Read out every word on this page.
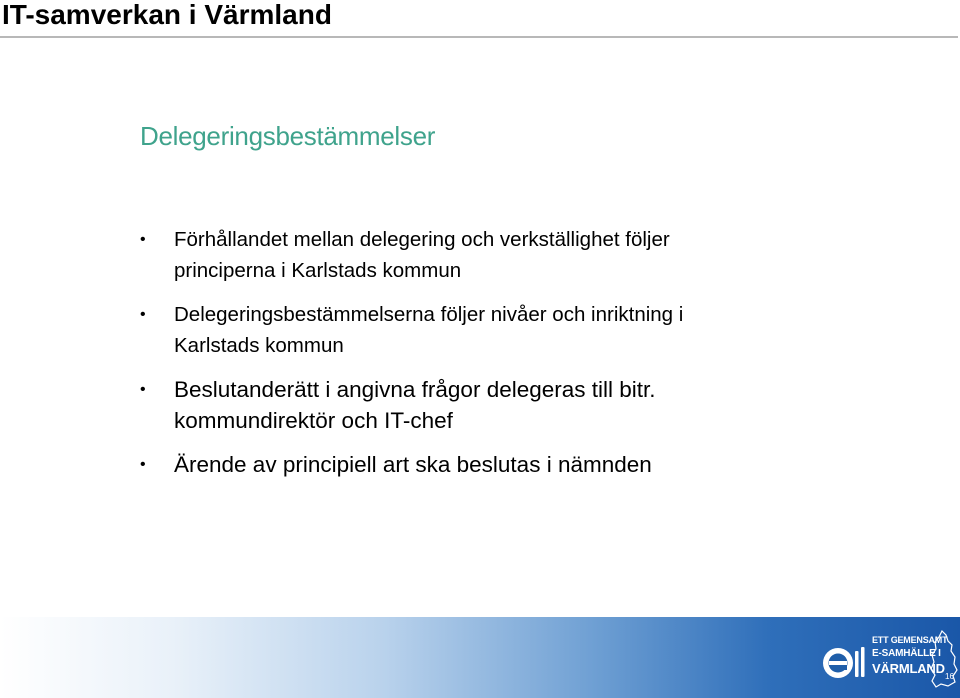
IT-samverkan i Värmland
Delegeringsbestämmelser
• Förhållandet mellan delegering och verkställighet följer
principerna i Karlstads kommun
• Delegeringsbestämmelserna följer nivåer och inriktning i
Karlstads kommun
• Beslutanderätt i angivna frågor delegeras till bitr.
kommundirektör och IT-chef
• Ärende av principiell art ska beslutas i nämnden
ETT GEMENSAMT
E-SAMHÄLLE I
VÄRMLAND
16
